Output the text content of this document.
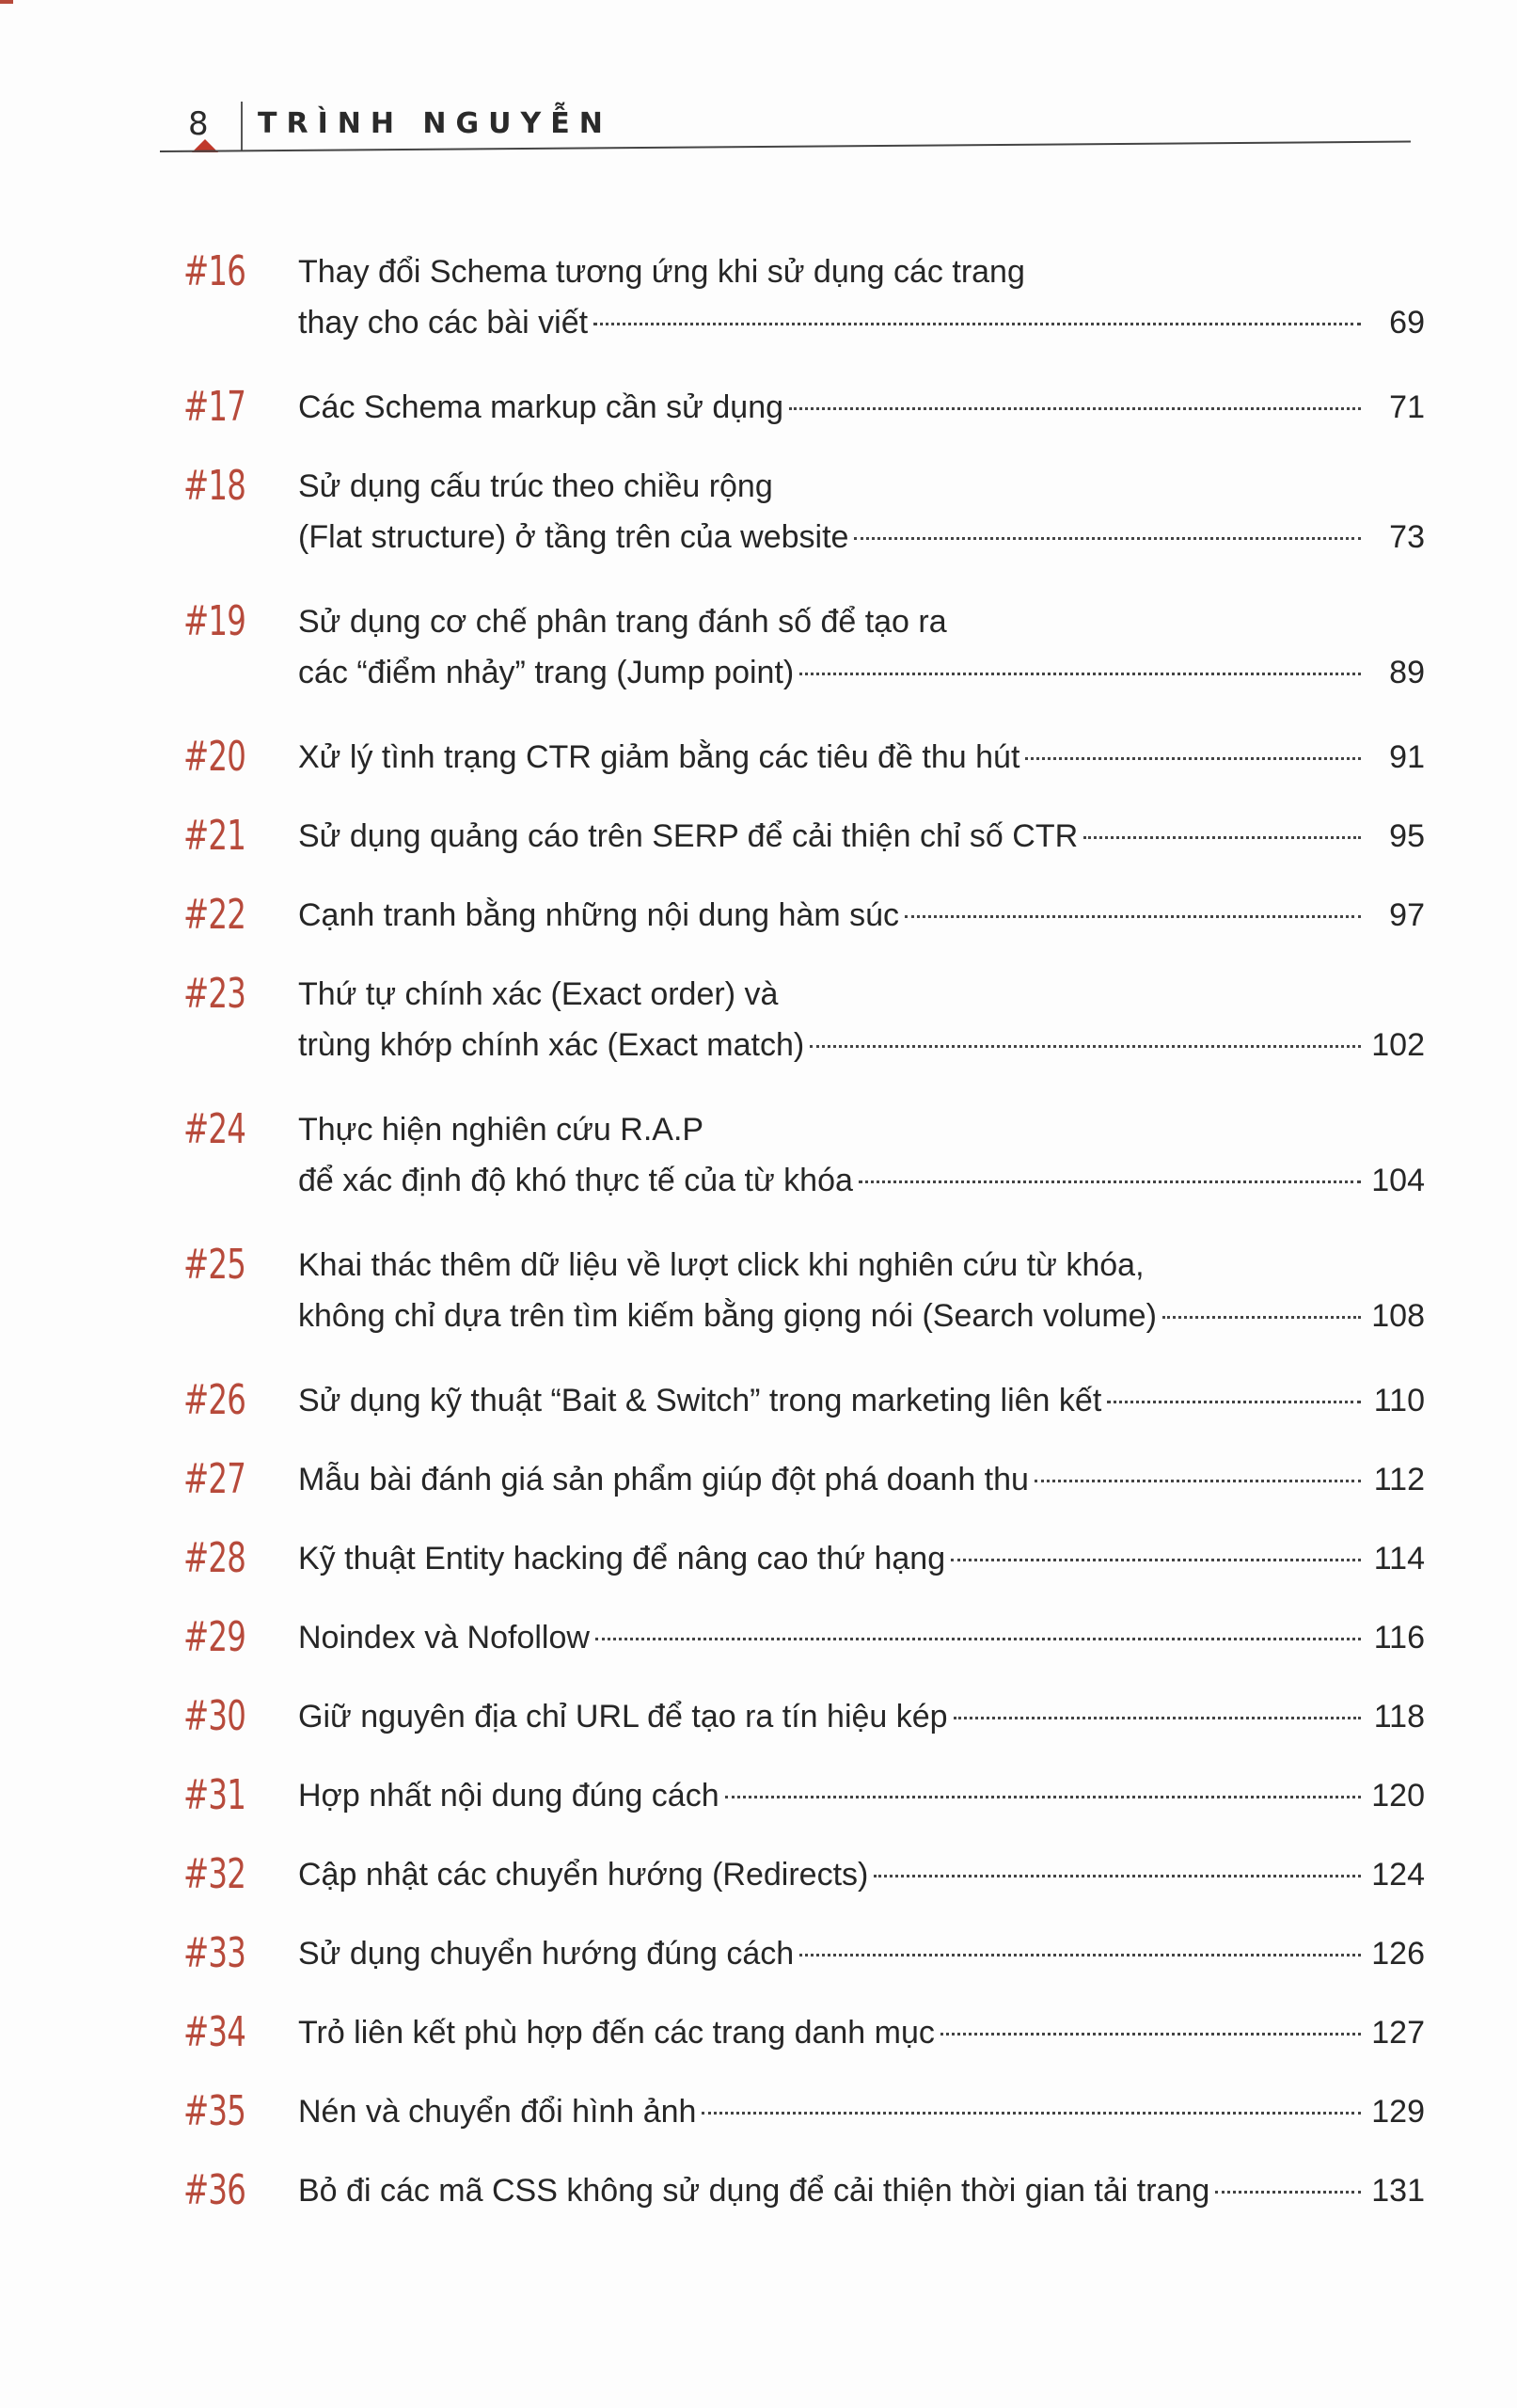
8 TRÌNH NGUYỄN
#16	Thay đổi Schema tương ứng khi sử dụng các trang
thay cho các bài viết	69
#17	Các Schema markup cần sử dụng	71
#18	Sử dụng cấu trúc theo chiều rộng
(Flat structure) ở tầng trên của website	73
#19	Sử dụng cơ chế phân trang đánh số để tạo ra
các “điểm nhảy” trang (Jump point)	89
#20	Xử lý tình trạng CTR giảm bằng các tiêu đề thu hút	91
#21	Sử dụng quảng cáo trên SERP để cải thiện chỉ số CTR	95
#22	Cạnh tranh bằng những nội dung hàm súc	97
#23	Thứ tự chính xác (Exact order) và
trùng khớp chính xác (Exact match)	102
#24	Thực hiện nghiên cứu R.A.P
để xác định độ khó thực tế của từ khóa	104
#25	Khai thác thêm dữ liệu về lượt click khi nghiên cứu từ khóa,
không chỉ dựa trên tìm kiếm bằng giọng nói (Search volume)	108
#26	Sử dụng kỹ thuật “Bait & Switch” trong marketing liên kết	110
#27	Mẫu bài đánh giá sản phẩm giúp đột phá doanh thu	112
#28	Kỹ thuật Entity hacking để nâng cao thứ hạng	114
#29	Noindex và Nofollow	116
#30	Giữ nguyên địa chỉ URL để tạo ra tín hiệu kép	118
#31	Hợp nhất nội dung đúng cách	120
#32	Cập nhật các chuyển hướng (Redirects)	124
#33	Sử dụng chuyển hướng đúng cách	126
#34	Trỏ liên kết phù hợp đến các trang danh mục	127
#35	Nén và chuyển đổi hình ảnh	129
#36	Bỏ đi các mã CSS không sử dụng để cải thiện thời gian tải trang	131
